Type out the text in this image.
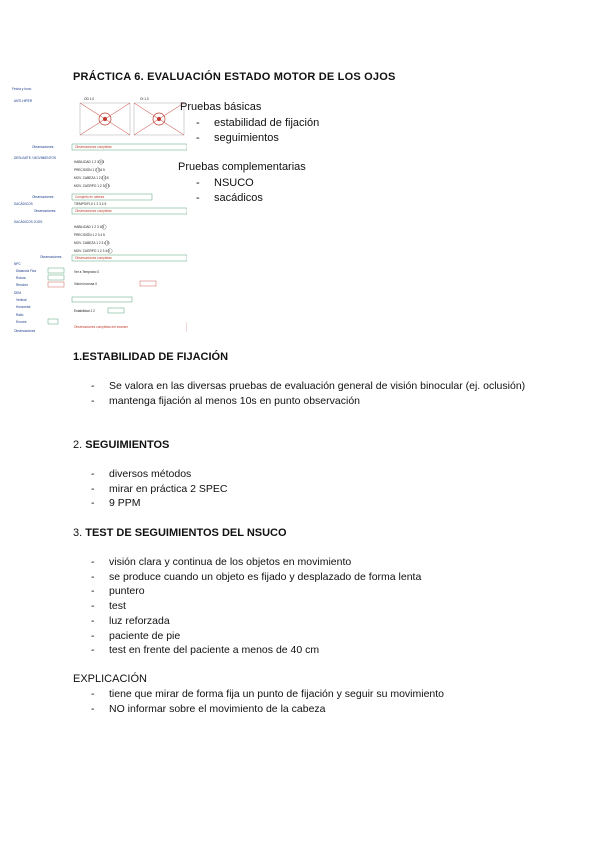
PRÁCTICA 6. EVALUACIÓN ESTADO MOTOR DE LOS OJOS
Fecha y hora:
ANTI-HIPER	OD 1,0	OI 1,0
Observaciones:	Observaciones completas
DESLIMITE / MOVIMIENTOS
HABILIDAD 1 2 3 4 5
PRECISIÓN 1 2 3 4 5
MOV. CABEZA 1 2 3 4 5
MOV. CUERPO 1 2 3 4 5
Observaciones:	Completo en cabeza
SACÁDICOS	TIEMPO/FLX 1 2 3 4 5
Observaciones:	Observaciones completas
SACÁDICOS OJOS
HABILIDAD 1 2 3 4 5
PRECISIÓN 1 2 3 4 5
MOV. CABEZA 1 2 3 4 5
MOV. CUERPO 1 2 3 4 5
Observaciones:	Observaciones completas
NPC
Distancia Fixa	Ver a Temprano 0
Rotura
Recobro	Visión borrosa 0
DEM
Vertical
Horizontal
Estabilidad 1 2
Ratio
Errores
Observaciones
Observaciones completas del examen
Pruebas básicas
- estabilidad de fijación
- seguimientos
Pruebas complementarias
- NSUCO
- sacádicos
1.ESTABILIDAD DE FIJACIÓN
- Se valora en las diversas pruebas de evaluación general de visión binocular (ej. oclusión)
- mantenga fijación al menos 10s en punto observación
2. SEGUIMIENTOS
- diversos métodos
- mirar en práctica 2 SPEC
- 9 PPM
3. TEST DE SEGUIMIENTOS DEL NSUCO
- visión clara y continua de los objetos en movimiento
- se produce cuando un objeto es fijado y desplazado de forma lenta
- puntero
- test
- luz reforzada
- paciente de pie
- test en frente del paciente a menos de 40 cm
EXPLICACIÓN
- tiene que mirar de forma fija un punto de fijación y seguir su movimiento
- NO informar sobre el movimiento de la cabeza
